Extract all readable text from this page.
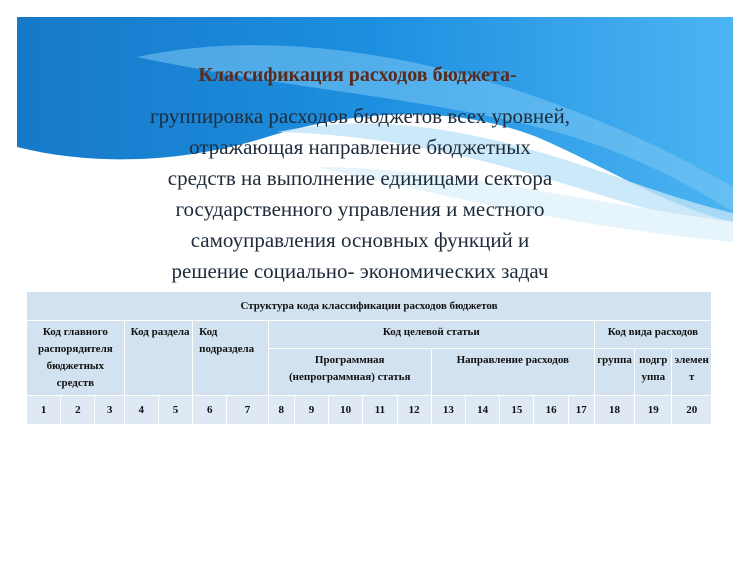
Классификация расходов бюджета-
группировка расходов бюджетов всех уровней,
отражающая направление бюджетных
средств на выполнение единицами сектора
государственного управления и местного
самоуправления основных функций и
решение социально- экономических задач
Структура кода классификации расходов бюджетов																			
Код главного распорядителя бюджетных средств			Код раздела		Код подраздела		Код целевой статьи										Код вида расходов		
							Программная (непрограммная) статья					Направление расходов					группа	подгруппа	элемент
1	2	3	4	5	6	7	8	9	10	11	12	13	14	15	16	17	18	19	20
